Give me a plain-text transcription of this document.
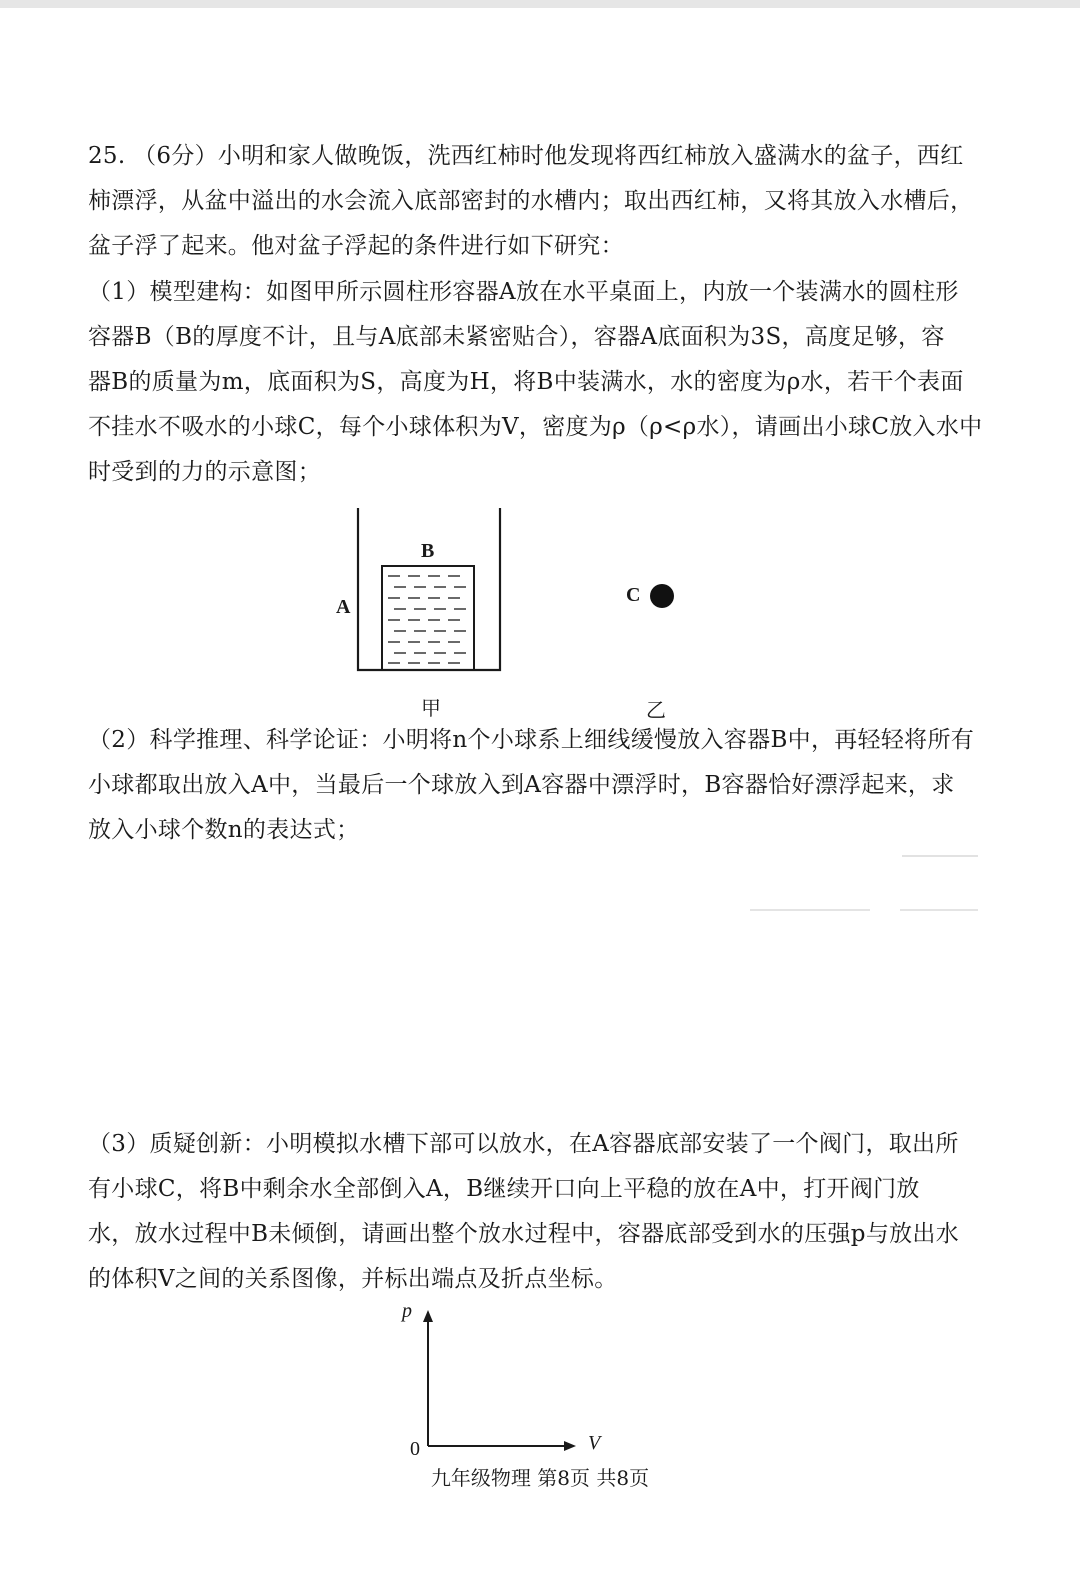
25. （6分）小明和家人做晚饭，洗西红柿时他发现将西红柿放入盛满水的盆子，西红
柿漂浮，从盆中溢出的水会流入底部密封的水槽内；取出西红柿，又将其放入水槽后，
盆子浮了起来。他对盆子浮起的条件进行如下研究：
（1）模型建构：如图甲所示圆柱形容器A放在水平桌面上，内放一个装满水的圆柱形
容器B（B的厚度不计，且与A底部未紧密贴合），容器A底面积为3S，高度足够，容
器B的质量为m，底面积为S，高度为H，将B中装满水，水的密度为ρ水，若干个表面
不挂水不吸水的小球C，每个小球体积为V，密度为ρ（ρ<ρ水），请画出小球C放入水中
时受到的力的示意图；
A
B
甲
C
乙
（2）科学推理、科学论证：小明将n个小球系上细线缓慢放入容器B中，再轻轻将所有
小球都取出放入A中，当最后一个球放入到A容器中漂浮时，B容器恰好漂浮起来，求
放入小球个数n的表达式；
（3）质疑创新：小明模拟水槽下部可以放水，在A容器底部安装了一个阀门，取出所
有小球C，将B中剩余水全部倒入A，B继续开口向上平稳的放在A中，打开阀门放
水，放水过程中B未倾倒，请画出整个放水过程中，容器底部受到水的压强p与放出水
的体积V之间的关系图像，并标出端点及折点坐标。
p
V
0
九年级物理 第8页 共8页
